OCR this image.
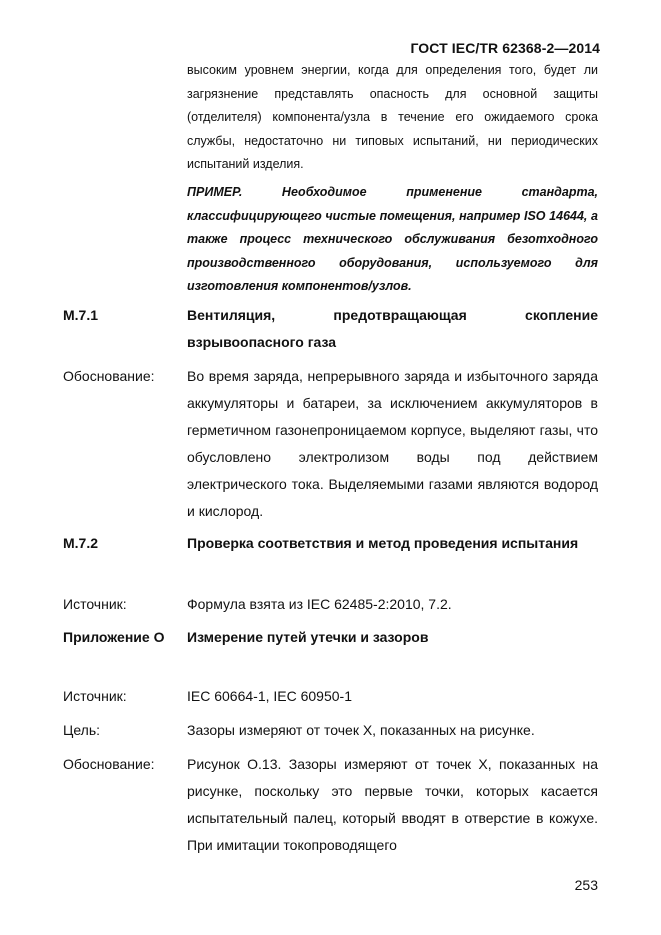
ГОСТ IEC/TR 62368-2—2014
высоким уровнем энергии, когда для определения того, будет ли загрязнение представлять опасность для основной защиты (отделителя) компонента/узла в течение его ожидаемого срока службы, недостаточно ни типовых испытаний, ни периодических испытаний изделия.
ПРИМЕР. Необходимое применение стандарта, классифицирующего чистые помещения, например ISO 14644, а также процесс технического обслуживания безотходного производственного оборудования, используемого для изготовления компонентов/узлов.
М.7.1	Вентиляция, предотвращающая скопление взрывоопасного газа
Обоснование:	Во время заряда, непрерывного заряда и избыточного заряда аккумуляторы и батареи, за исключением аккумуляторов в герметичном газонепроницаемом корпусе, выделяют газы, что обусловлено электролизом воды под действием электрического тока. Выделяемыми газами являются водород и кислород.
М.7.2	Проверка соответствия и метод проведения испытания
Источник:	Формула взята из IEC 62485-2:2010, 7.2.
Приложение О	Измерение путей утечки и зазоров
Источник:	IEC 60664-1, IEC 60950-1
Цель:	Зазоры измеряют от точек X, показанных на рисунке.
Обоснование:	Рисунок O.13. Зазоры измеряют от точек X, показанных на рисунке, поскольку это первые точки, которых касается испытательный палец, который вводят в отверстие в кожухе. При имитации токопроводящего
253
